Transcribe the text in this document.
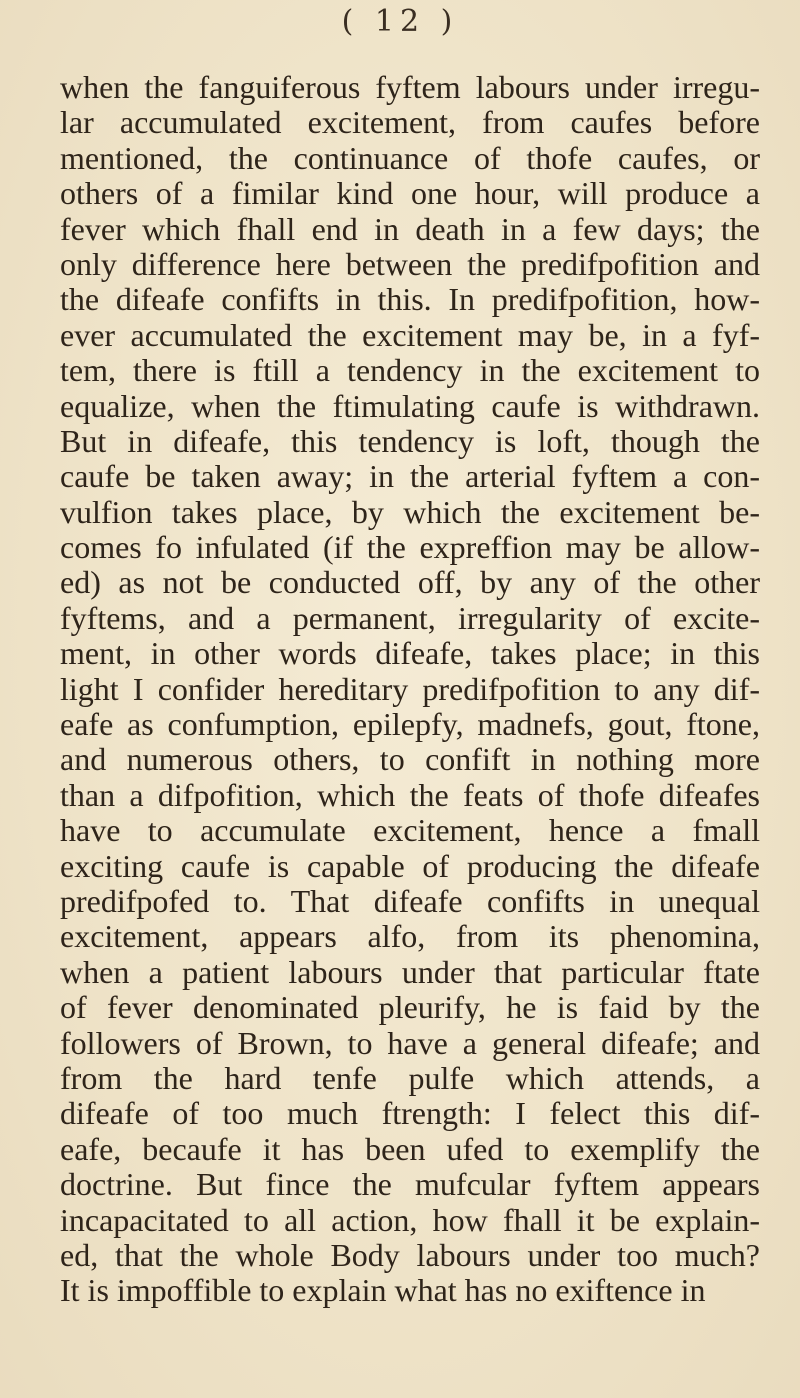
( 12 )
when the fanguiferous fyftem labours under irregu-
lar accumulated excitement, from caufes before
mentioned, the continuance of thofe caufes, or
others of a fimilar kind one hour, will produce a
fever which fhall end in death in a few days; the
only difference here between the predifpofition and
the difeafe confifts in this. In predifpofition, how-
ever accumulated the excitement may be, in a fyf-
tem, there is ftill a tendency in the excitement to
equalize, when the ftimulating caufe is withdrawn.
But in difeafe, this tendency is loft, though the
caufe be taken away; in the arterial fyftem a con-
vulfion takes place, by which the excitement be-
comes fo infulated (if the expreffion may be allow-
ed) as not be conducted off, by any of the other
fyftems, and a permanent, irregularity of excite-
ment, in other words difeafe, takes place; in this
light I confider hereditary predifpofition to any dif-
eafe as confumption, epilepfy, madnefs, gout, ftone,
and numerous others, to confift in nothing more
than a difpofition, which the feats of thofe difeafes
have to accumulate excitement, hence a fmall
exciting caufe is capable of producing the difeafe
predifpofed to. That difeafe confifts in unequal
excitement, appears alfo, from its phenomina,
when a patient labours under that particular ftate
of fever denominated pleurify, he is faid by the
followers of Brown, to have a general difeafe; and
from the hard tenfe pulfe which attends, a
difeafe of too much ftrength: I felect this dif-
eafe, becaufe it has been ufed to exemplify the
doctrine. But fince the mufcular fyftem appears
incapacitated to all action, how fhall it be explain-
ed, that the whole Body labours under too much?
It is impoffible to explain what has no exiftence in
